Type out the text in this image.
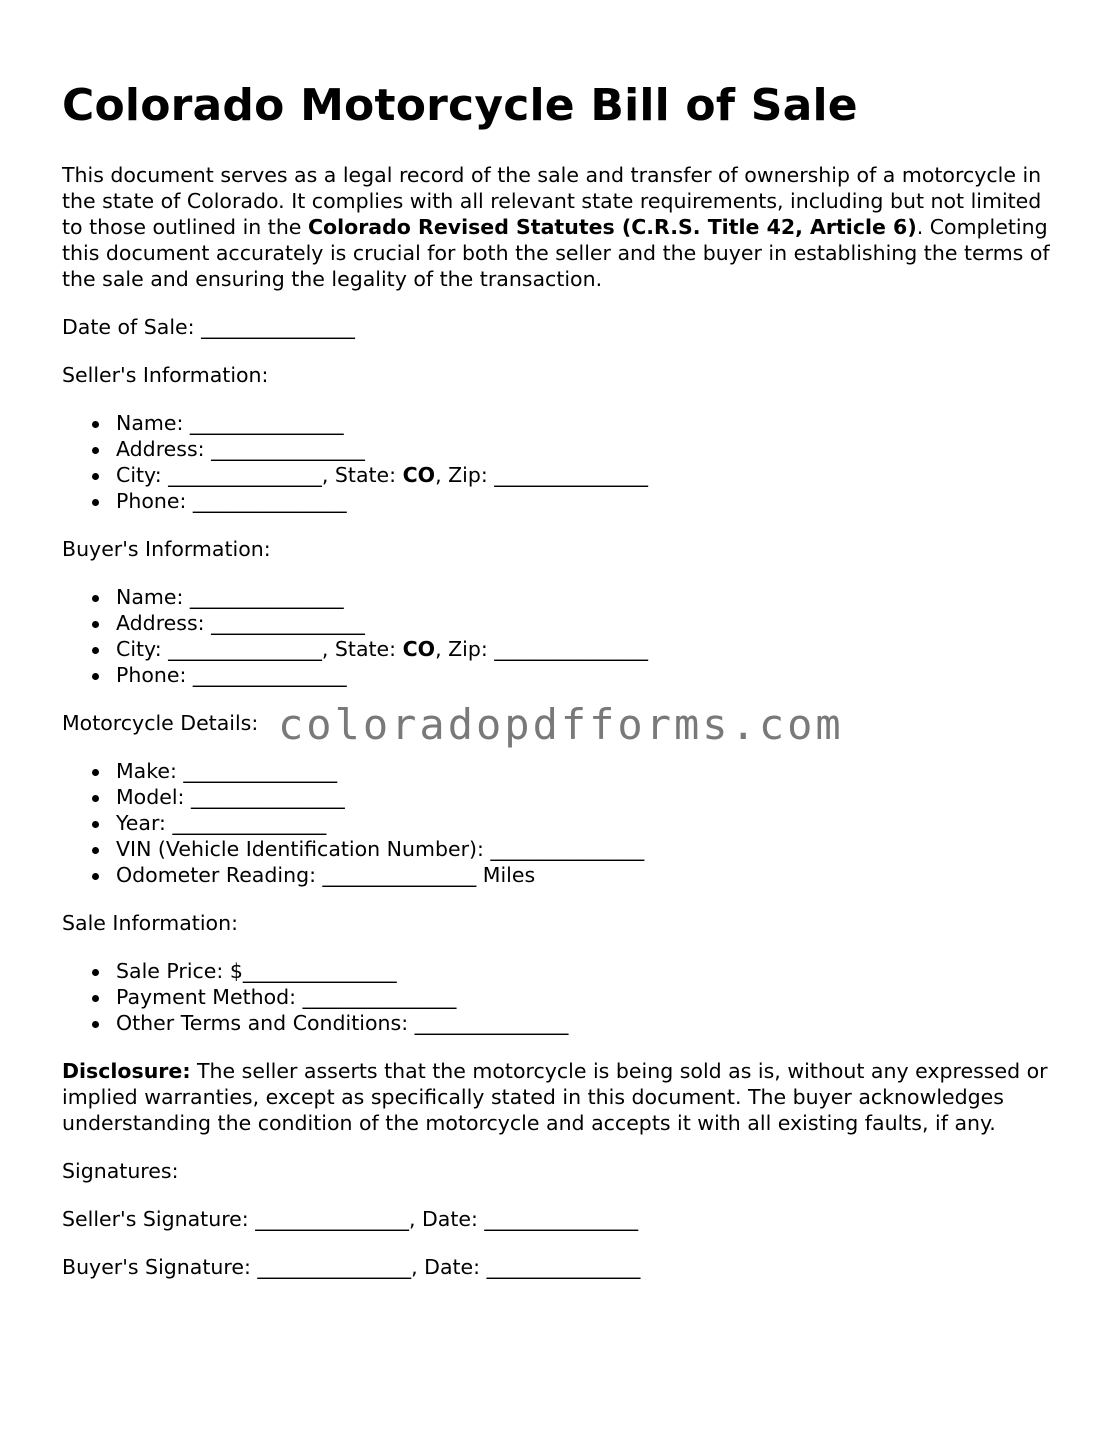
Colorado Motorcycle Bill of Sale

This document serves as a legal record of the sale and transfer of ownership of a motorcycle in the state of Colorado. It complies with all relevant state requirements, including but not limited to those outlined in the Colorado Revised Statutes (C.R.S. Title 42, Article 6). Completing this document accurately is crucial for both the seller and the buyer in establishing the terms of the sale and ensuring the legality of the transaction.

Date of Sale: _______________

Seller's Information:

Name: _______________
Address: _______________
City: _______________, State: CO, Zip: _______________
Phone: _______________

Buyer's Information:

Name: _______________
Address: _______________
City: _______________, State: CO, Zip: _______________
Phone: _______________

Motorcycle Details:

Make: _______________
Model: _______________
Year: _______________
VIN (Vehicle Identification Number): _______________
Odometer Reading: _______________ Miles

Sale Information:

Sale Price: $_______________
Payment Method: _______________
Other Terms and Conditions: _______________

Disclosure: The seller asserts that the motorcycle is being sold as is, without any expressed or implied warranties, except as specifically stated in this document. The buyer acknowledges understanding the condition of the motorcycle and accepts it with all existing faults, if any.

Signatures:

Seller's Signature: _______________, Date: _______________

Buyer's Signature: _______________, Date: _______________

coloradopdfforms.com
